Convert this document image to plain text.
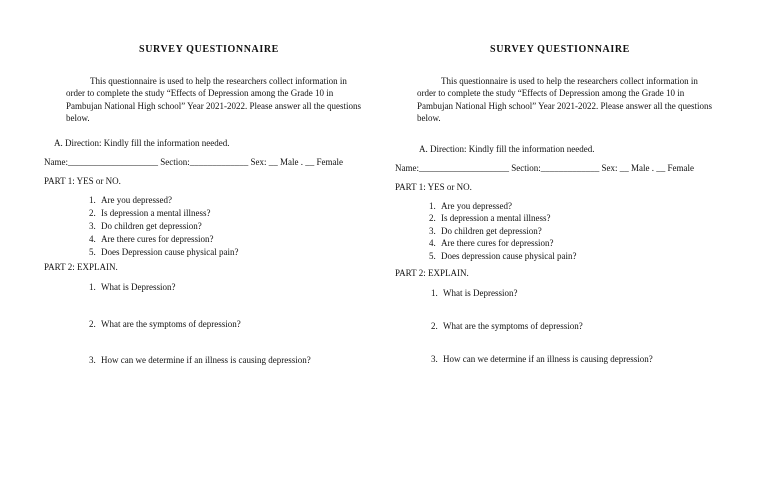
SURVEY QUESTIONNAIRE
This questionnaire is used to help the researchers collect information in order to complete the study “Effects of Depression among the Grade 10 in Pambujan National High school” Year 2021-2022. Please answer all the questions below.
A. Direction: Kindly fill the information needed.
Name:____________________ Section:_____________ Sex: __ Male . __ Female
PART 1: YES or NO.
1. Are you depressed?
2. Is depression a mental illness?
3. Do children get depression?
4. Are there cures for depression?
5. Does Depression cause physical pain?
PART 2: EXPLAIN.
1. What is Depression?
2. What are the symptoms of depression?
3. How can we determine if an illness is causing depression?
SURVEY QUESTIONNAIRE
This questionnaire is used to help the researchers collect information in order to complete the study “Effects of Depression among the Grade 10 in Pambujan National High school” Year 2021-2022. Please answer all the questions below.
A. Direction: Kindly fill the information needed.
Name:____________________ Section:_____________ Sex: __ Male . __ Female
PART 1: YES or NO.
1. Are you depressed?
2. Is depression a mental illness?
3. Do children get depression?
4. Are there cures for depression?
5. Does depression cause physical pain?
PART 2: EXPLAIN.
1. What is Depression?
2. What are the symptoms of depression?
3. How can we determine if an illness is causing depression?
